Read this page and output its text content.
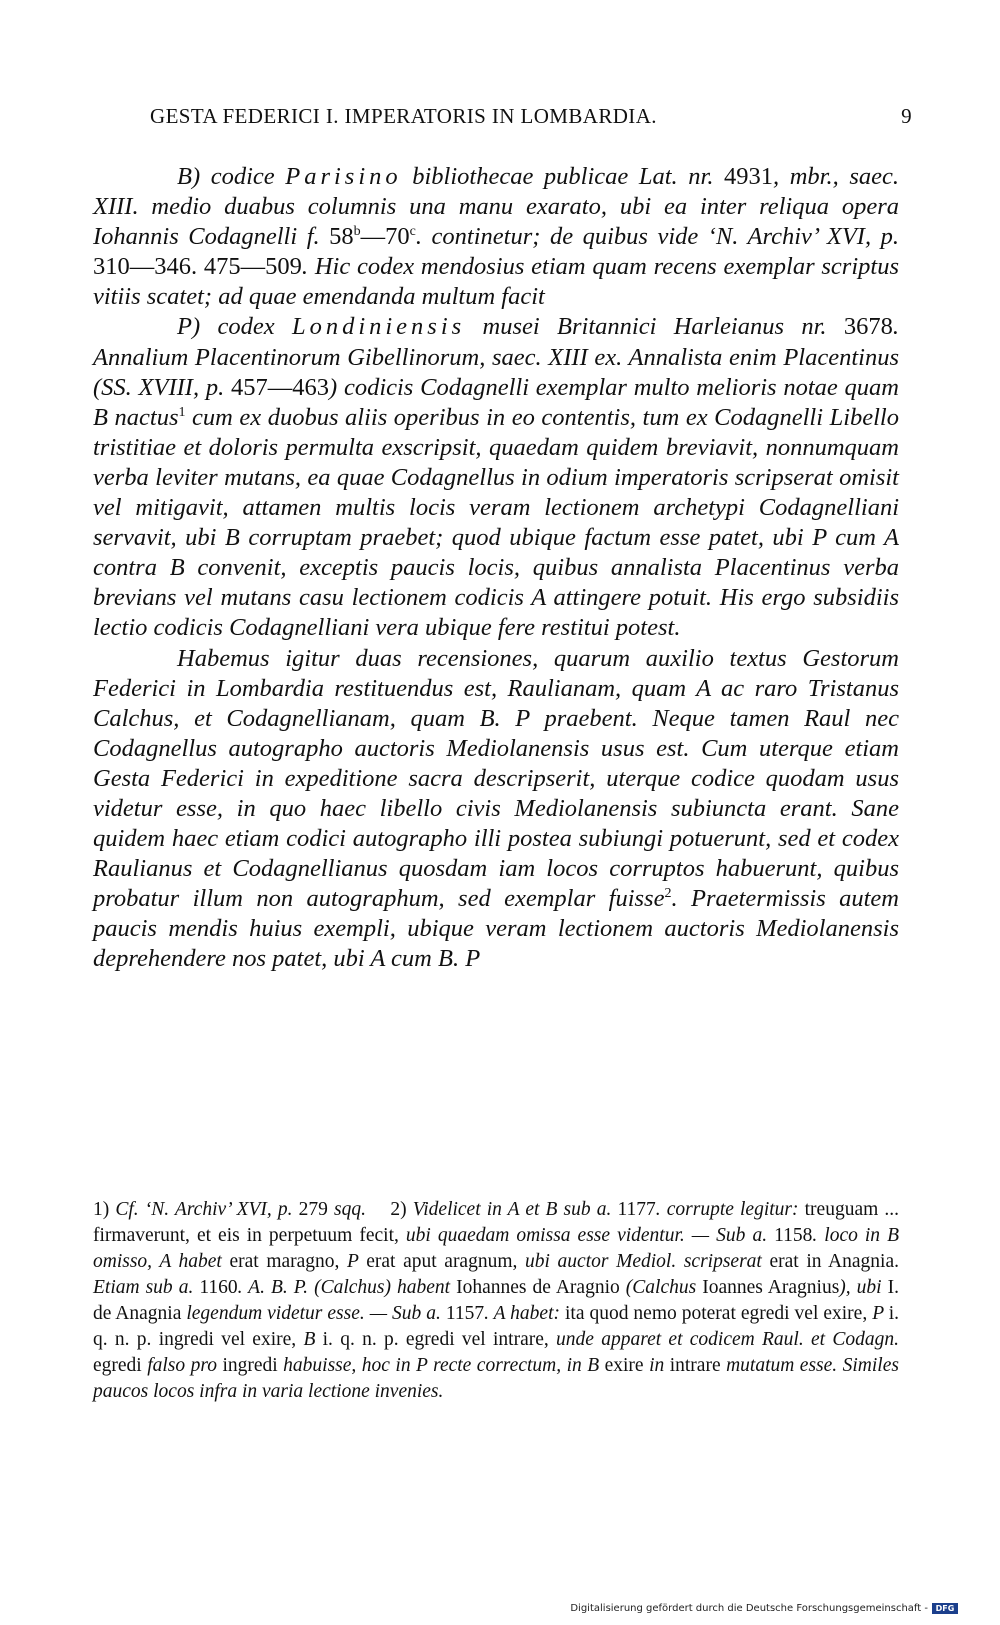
GESTA FEDERICI I. IMPERATORIS IN LOMBARDIA.	9

B) codice Parisino bibliothecae publicae Lat. nr. 4931, mbr., saec. XIII. medio duabus columnis una manu exarato, ubi ea inter reliqua opera Iohannis Codagnelli f. 58$^b$—70$^c$. continetur; de quibus vide ‘N. Archiv’ XVI, p. 310—346. 475—509. Hic codex mendosius etiam quam recens exemplar scriptus vitiis scatet; ad quae emendanda multum facit

P) codex Londiniensis musei Britannici Harleianus nr. 3678. Annalium Placentinorum Gibellinorum, saec. XIII ex. Annalista enim Placentinus (SS. XVIII, p. 457—463) codicis Codagnelli exemplar multo melioris notae quam B nactus$^1$ cum ex duobus aliis operibus in eo contentis, tum ex Codagnelli Libello tristitiae et doloris permulta exscripsit, quaedam quidem breviavit, nonnumquam verba leviter mutans, ea quae Codagnellus in odium imperatoris scripserat omisit vel mitigavit, attamen multis locis veram lectionem archetypi Codagnelliani servavit, ubi B corruptam praebet; quod ubique factum esse patet, ubi P cum A contra B convenit, exceptis paucis locis, quibus annalista Placentinus verba brevians vel mutans casu lectionem codicis A attingere potuit. His ergo subsidiis lectio codicis Codagnelliani vera ubique fere restitui potest.

Habemus igitur duas recensiones, quarum auxilio textus Gestorum Federici in Lombardia restituendus est, Raulianam, quam A ac raro Tristanus Calchus, et Codagnellianam, quam B. P praebent. Neque tamen Raul nec Codagnellus autographo auctoris Mediolanensis usus est. Cum uterque etiam Gesta Federici in expeditione sacra descripserit, uterque codice quodam usus videtur esse, in quo haec libello civis Mediolanensis subiuncta erant. Sane quidem haec etiam codici autographo illi postea subiungi potuerunt, sed et codex Raulianus et Codagnellianus quosdam iam locos corruptos habuerunt, quibus probatur illum non autographum, sed exemplar fuisse$^2$. Praetermissis autem paucis mendis huius exempli, ubique veram lectionem auctoris Mediolanensis deprehendere nos patet, ubi A cum B. P

1) Cf. ‘N. Archiv’ XVI, p. 279 sqq. 2) Videlicet in A et B sub a. 1177. corrupte legitur: treuguam ... firmaverunt, et eis in perpetuum fecit, ubi quaedam omissa esse videntur. — Sub a. 1158. loco in B omisso, A habet erat maragno, P erat aput aragnum, ubi auctor Mediol. scripserat erat in Anagnia. Etiam sub a. 1160. A. B. P. (Calchus) habent Iohannes de Aragnio (Calchus Ioannes Aragnius), ubi I. de Anagnia legendum videtur esse. — Sub a. 1157. A habet: ita quod nemo poterat egredi vel exire, P i. q. n. p. ingredi vel exire, B i. q. n. p. egredi vel intrare, unde apparet et codicem Raul. et Codagn. egredi falso pro ingredi habuisse, hoc in P recte correctum, in B exire in intrare mutatum esse. Similes paucos locos infra in varia lectione invenies.

Digitalisierung gefördert durch die Deutsche Forschungsgemeinschaft - DFG
